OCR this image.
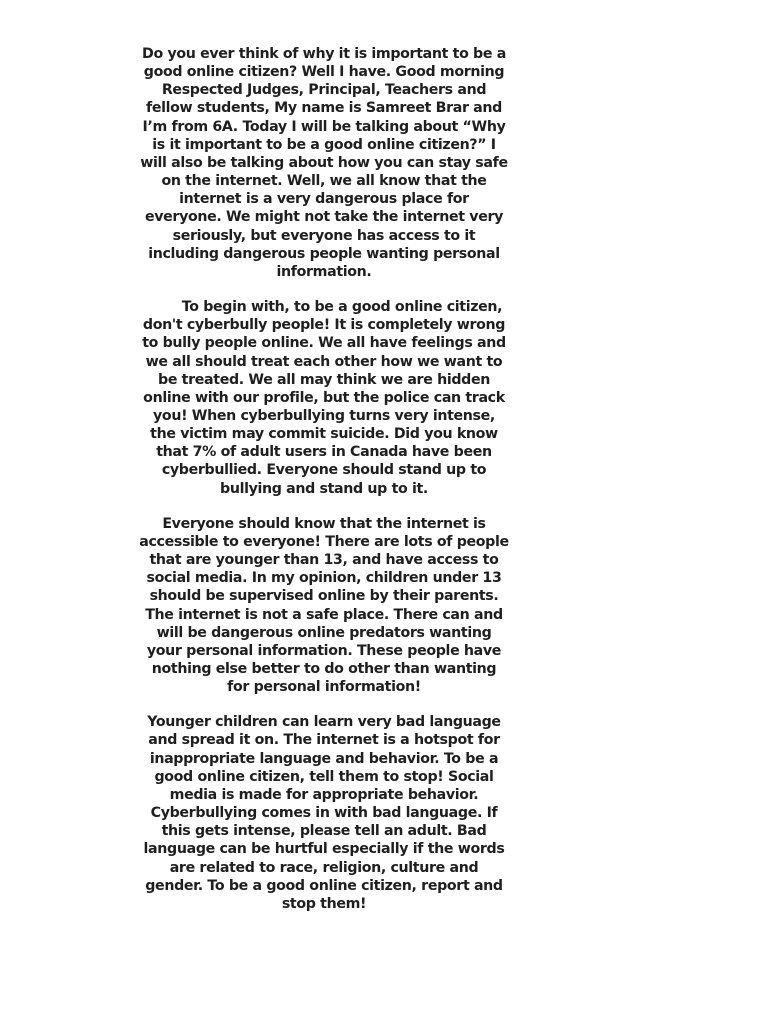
Do you ever think of why it is important to be a good online citizen? Well I have. Good morning Respected Judges, Principal, Teachers and fellow students, My name is Samreet Brar and I’m from 6A. Today I will be talking about “Why is it important to be a good online citizen?” I will also be talking about how you can stay safe on the internet. Well, we all know that the internet is a very dangerous place for everyone. We might not take the internet very seriously, but everyone has access to it including dangerous people wanting personal information.

To begin with, to be a good online citizen, don't cyberbully people! It is completely wrong to bully people online. We all have feelings and we all should treat each other how we want to be treated. We all may think we are hidden online with our profile, but the police can track you! When cyberbullying turns very intense, the victim may commit suicide. Did you know that 7% of adult users in Canada have been cyberbullied. Everyone should stand up to bullying and stand up to it.

Everyone should know that the internet is accessible to everyone! There are lots of people that are younger than 13, and have access to social media. In my opinion, children under 13 should be supervised online by their parents. The internet is not a safe place. There can and will be dangerous online predators wanting your personal information. These people have nothing else better to do other than wanting for personal information!

Younger children can learn very bad language and spread it on. The internet is a hotspot for inappropriate language and behavior. To be a good online citizen, tell them to stop! Social media is made for appropriate behavior. Cyberbullying comes in with bad language. If this gets intense, please tell an adult. Bad language can be hurtful especially if the words are related to race, religion, culture and gender. To be a good online citizen, report and stop them!
